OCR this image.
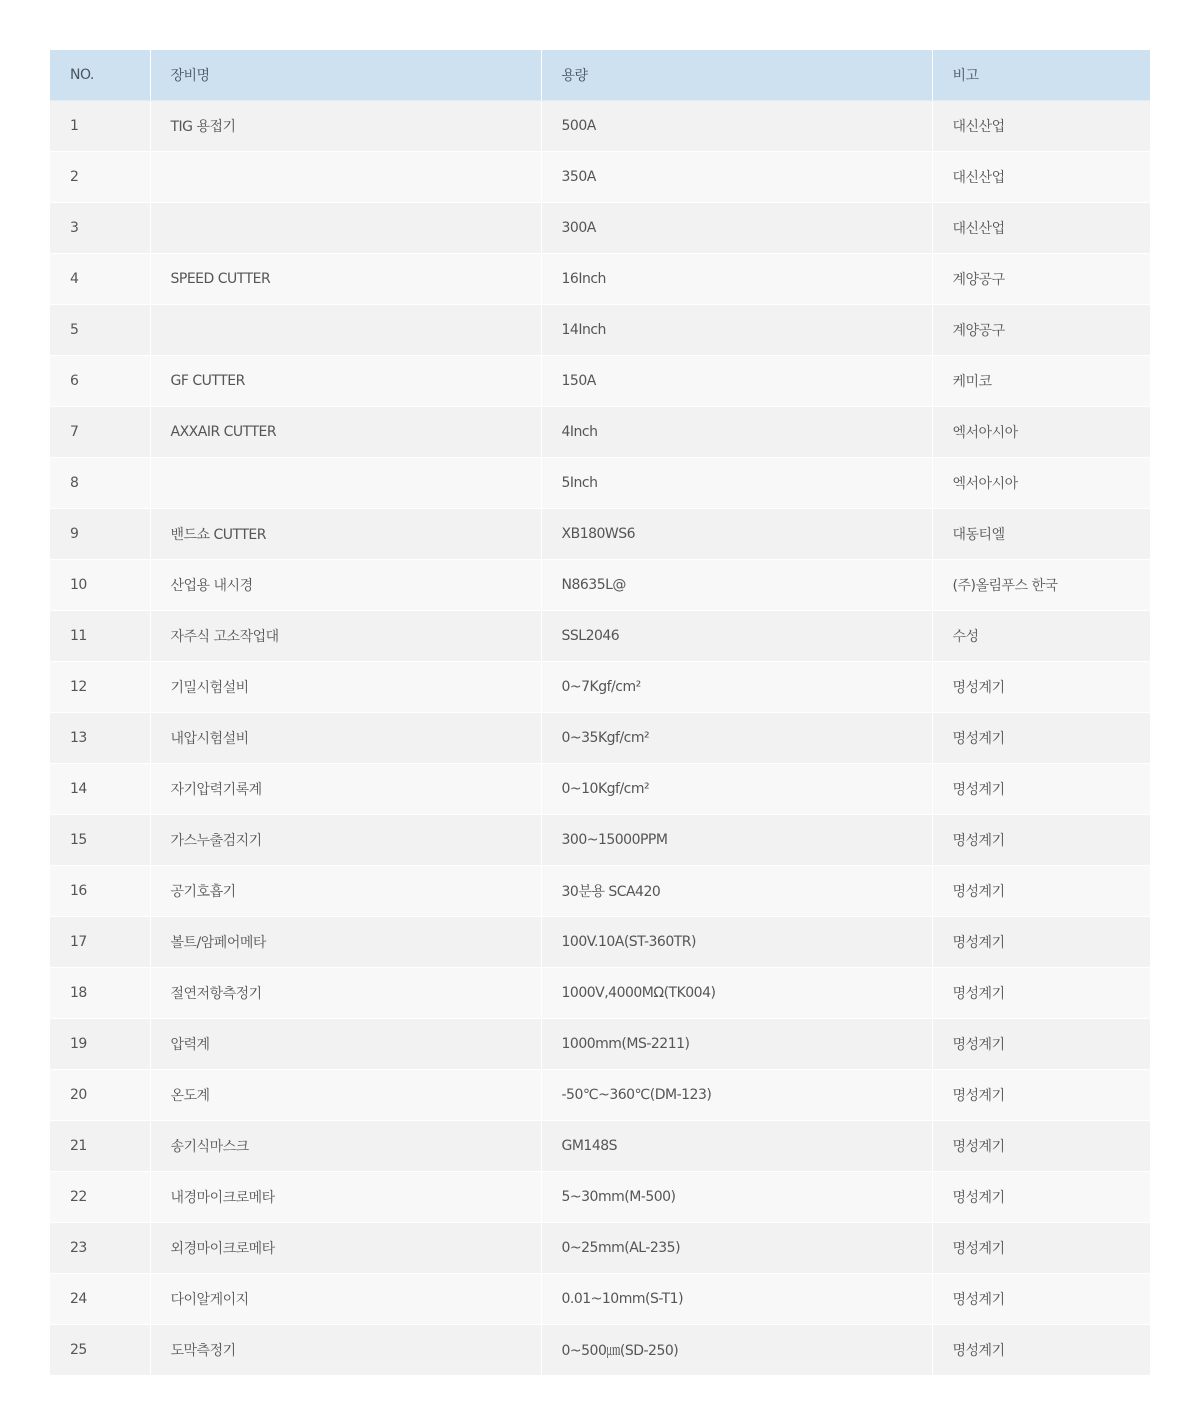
NO.	장비명	용량	비고
1	TIG 용접기	500A	대신산업
2		350A	대신산업
3		300A	대신산업
4	SPEED CUTTER	16Inch	계양공구
5		14Inch	계양공구
6	GF CUTTER	150A	케미코
7	AXXAIR CUTTER	4Inch	엑서아시아
8		5Inch	엑서아시아
9	밴드쇼 CUTTER	XB180WS6	대동티엘
10	산업용 내시경	N8635L@	(주)올림푸스 한국
11	자주식 고소작업대	SSL2046	수성
12	기밀시험설비	0~7Kgf/cm²	명성계기
13	내압시험설비	0~35Kgf/cm²	명성계기
14	자기압력기록계	0~10Kgf/cm²	명성계기
15	가스누출검지기	300~15000PPM	명성계기
16	공기호흡기	30분용 SCA420	명성계기
17	볼트/암페어메타	100V.10A(ST-360TR)	명성계기
18	절연저항측정기	1000V,4000MΩ(TK004)	명성계기
19	압력계	1000mm(MS-2211)	명성계기
20	온도계	-50℃~360℃(DM-123)	명성계기
21	송기식마스크	GM148S	명성계기
22	내경마이크로메타	5~30mm(M-500)	명성계기
23	외경마이크로메타	0~25mm(AL-235)	명성계기
24	다이알게이지	0.01~10mm(S-T1)	명성계기
25	도막측정기	0~500㎛(SD-250)	명성계기
